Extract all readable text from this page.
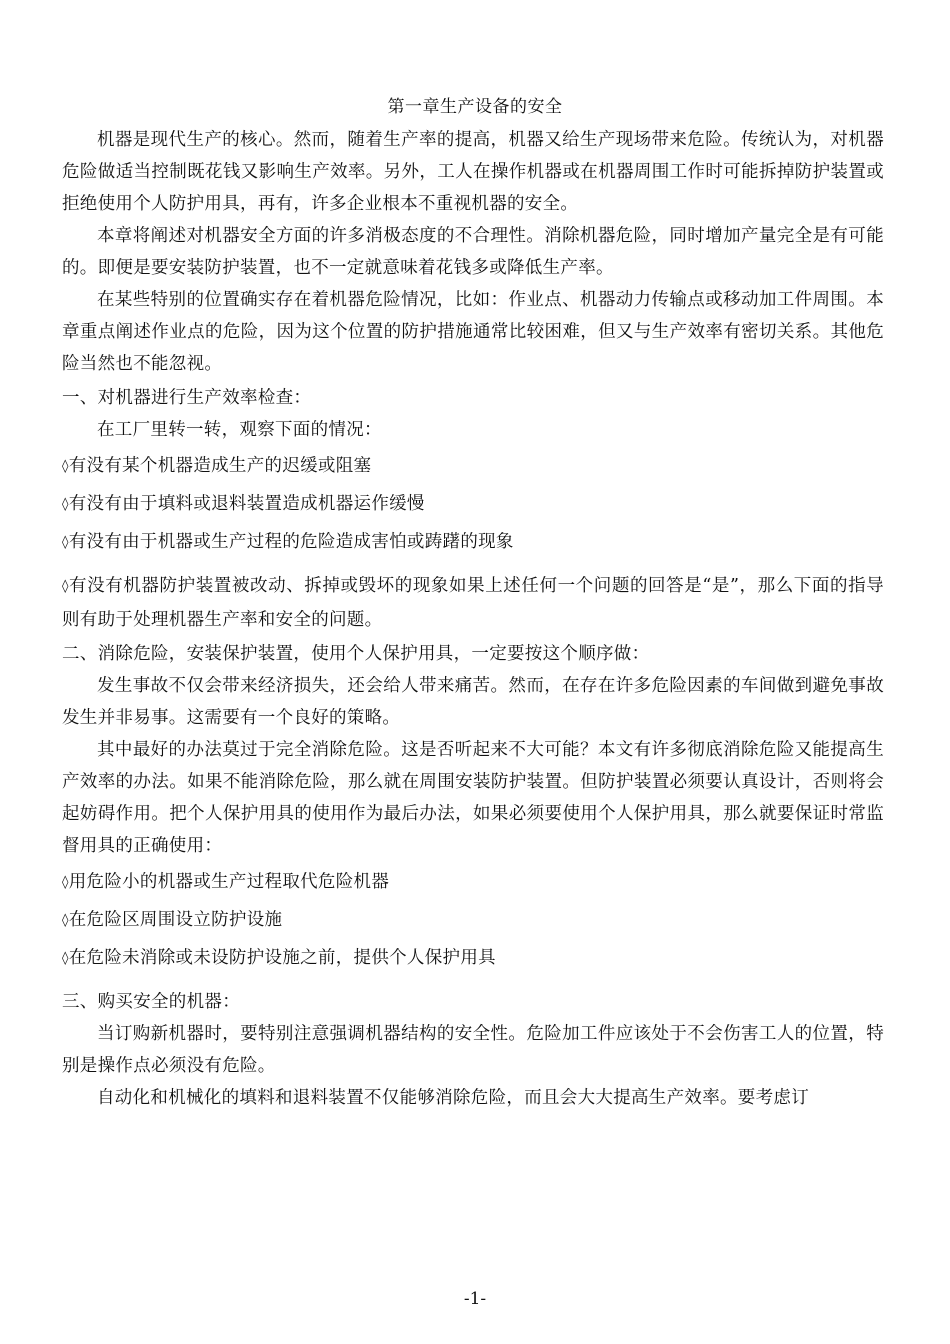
第一章生产设备的安全

机器是现代生产的核心。然而，随着生产率的提高，机器又给生产现场带来危险。传统认为，对机器危险做适当控制既花钱又影响生产效率。另外，工人在操作机器或在机器周围工作时可能拆掉防护装置或拒绝使用个人防护用具，再有，许多企业根本不重视机器的安全。

本章将阐述对机器安全方面的许多消极态度的不合理性。消除机器危险，同时增加产量完全是有可能的。即便是要安装防护装置，也不一定就意味着花钱多或降低生产率。

在某些特别的位置确实存在着机器危险情况，比如：作业点、机器动力传输点或移动加工件周围。本章重点阐述作业点的危险，因为这个位置的防护措施通常比较困难，但又与生产效率有密切关系。其他危险当然也不能忽视。

一、对机器进行生产效率检查：

在工厂里转一转，观察下面的情况：

◊有没有某个机器造成生产的迟缓或阻塞

◊有没有由于填料或退料装置造成机器运作缓慢

◊有没有由于机器或生产过程的危险造成害怕或踌躇的现象

◊有没有机器防护装置被改动、拆掉或毁坏的现象如果上述任何一个问题的回答是“是”，那么下面的指导则有助于处理机器生产率和安全的问题。

二、消除危险，安装保护装置，使用个人保护用具，一定要按这个顺序做：

发生事故不仅会带来经济损失，还会给人带来痛苦。然而，在存在许多危险因素的车间做到避免事故发生并非易事。这需要有一个良好的策略。

其中最好的办法莫过于完全消除危险。这是否听起来不大可能？本文有许多彻底消除危险又能提高生产效率的办法。如果不能消除危险，那么就在周围安装防护装置。但防护装置必须要认真设计，否则将会起妨碍作用。把个人保护用具的使用作为最后办法，如果必须要使用个人保护用具，那么就要保证时常监督用具的正确使用：

◊用危险小的机器或生产过程取代危险机器

◊在危险区周围设立防护设施

◊在危险未消除或未设防护设施之前，提供个人保护用具

三、购买安全的机器：

当订购新机器时，要特别注意强调机器结构的安全性。危险加工件应该处于不会伤害工人的位置，特别是操作点必须没有危险。

自动化和机械化的填料和退料装置不仅能够消除危险，而且会大大提高生产效率。要考虑订

-1-
